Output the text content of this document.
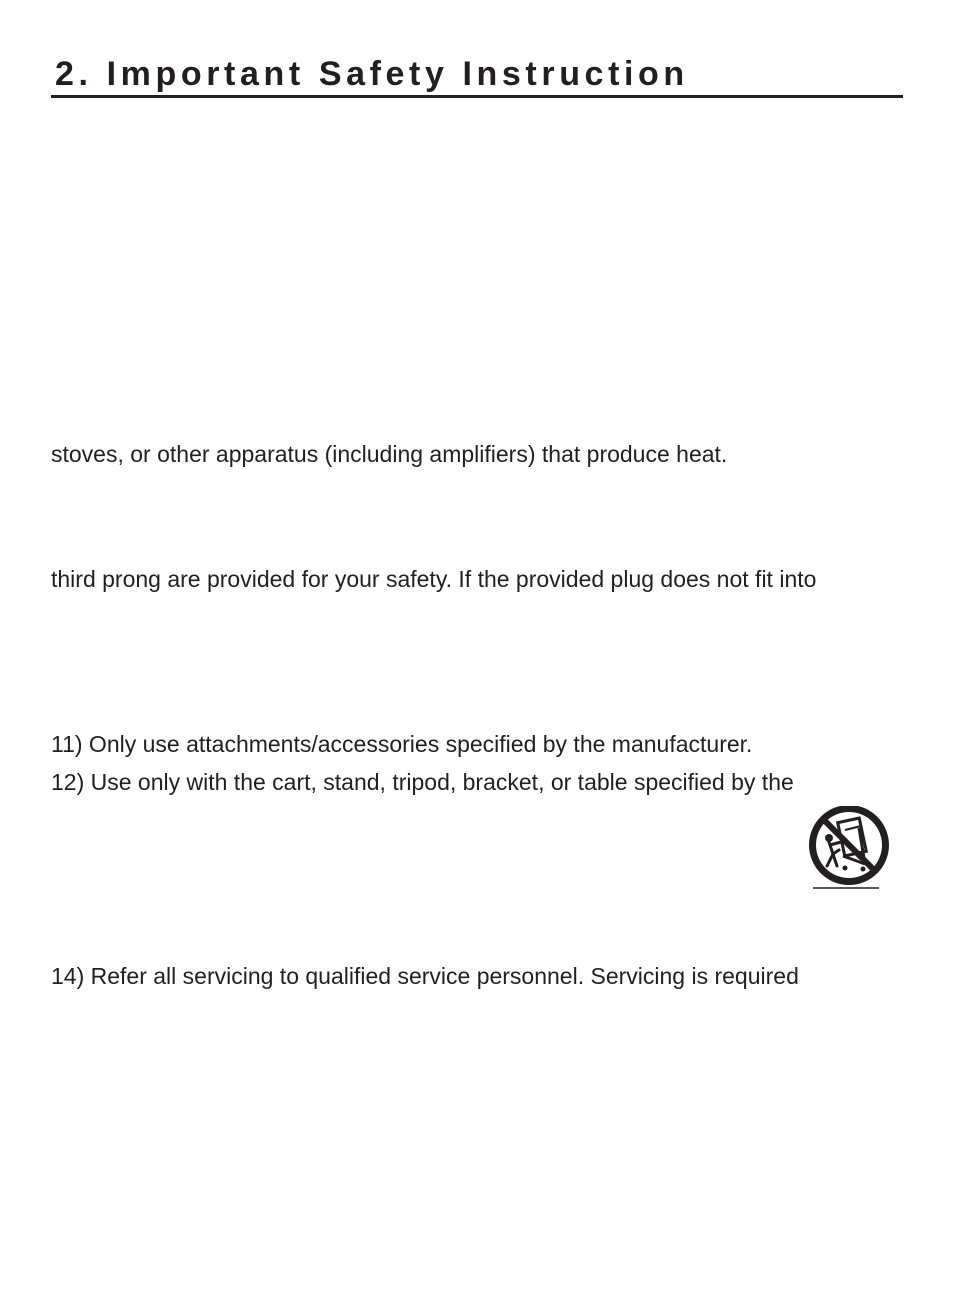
2. Important Safety Instruction

stoves, or other apparatus (including amplifiers) that produce heat.

third prong are provided for your safety. If the provided plug does not fit into

11) Only use attachments/accessories specified by the manufacturer.

12) Use only with the cart, stand, tripod, bracket, or table specified by the

14) Refer all servicing to qualified service personnel. Servicing is required
